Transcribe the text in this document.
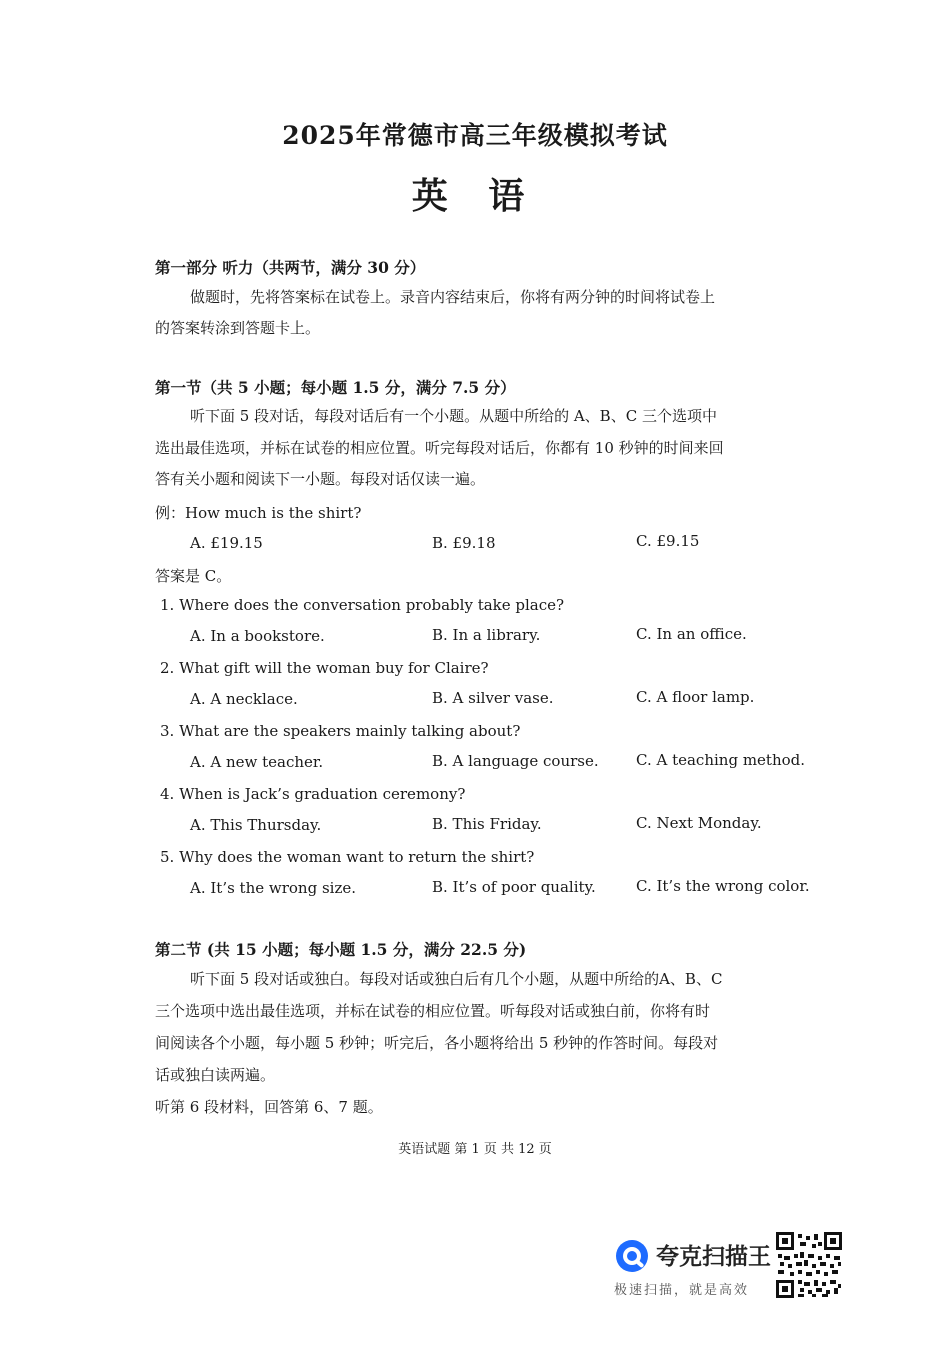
2025年常德市高三年级模拟考试
英 语
第一部分 听力（共两节，满分 30 分）
做题时，先将答案标在试卷上。录音内容结束后，你将有两分钟的时间将试卷上
的答案转涂到答题卡上。
第一节（共 5 小题；每小题 1.5 分，满分 7.5 分）
听下面 5 段对话，每段对话后有一个小题。从题中所给的 A、B、C 三个选项中
选出最佳选项，并标在试卷的相应位置。听完每段对话后，你都有 10 秒钟的时间来回
答有关小题和阅读下一小题。每段对话仅读一遍。
例：How much is the shirt?
A. £19.15	B. £9.18	C. £9.15
答案是 C。
1. Where does the conversation probably take place?
A. In a bookstore.	B. In a library.	C. In an office.
2. What gift will the woman buy for Claire?
A. A necklace.	B. A silver vase.	C. A floor lamp.
3. What are the speakers mainly talking about?
A. A new teacher.	B. A language course. C. A teaching method.
4. When is Jack’s graduation ceremony?
A. This Thursday.	B. This Friday.	C. Next Monday.
5. Why does the woman want to return the shirt?
A. It’s the wrong size.	B. It’s of poor quality.	C. It’s the wrong color.
第二节 (共 15 小题；每小题 1.5 分，满分 22.5 分)
听下面 5 段对话或独白。每段对话或独白后有几个小题，从题中所给的A、B、C
三个选项中选出最佳选项，并标在试卷的相应位置。听每段对话或独白前，你将有时
间阅读各个小题，每小题 5 秒钟；听完后，各小题将给出 5 秒钟的作答时间。每段对
话或独白读两遍。
听第 6 段材料，回答第 6、7 题。
英语试题 第 1 页 共 12 页
夸克扫描王
极速扫描，就是高效
